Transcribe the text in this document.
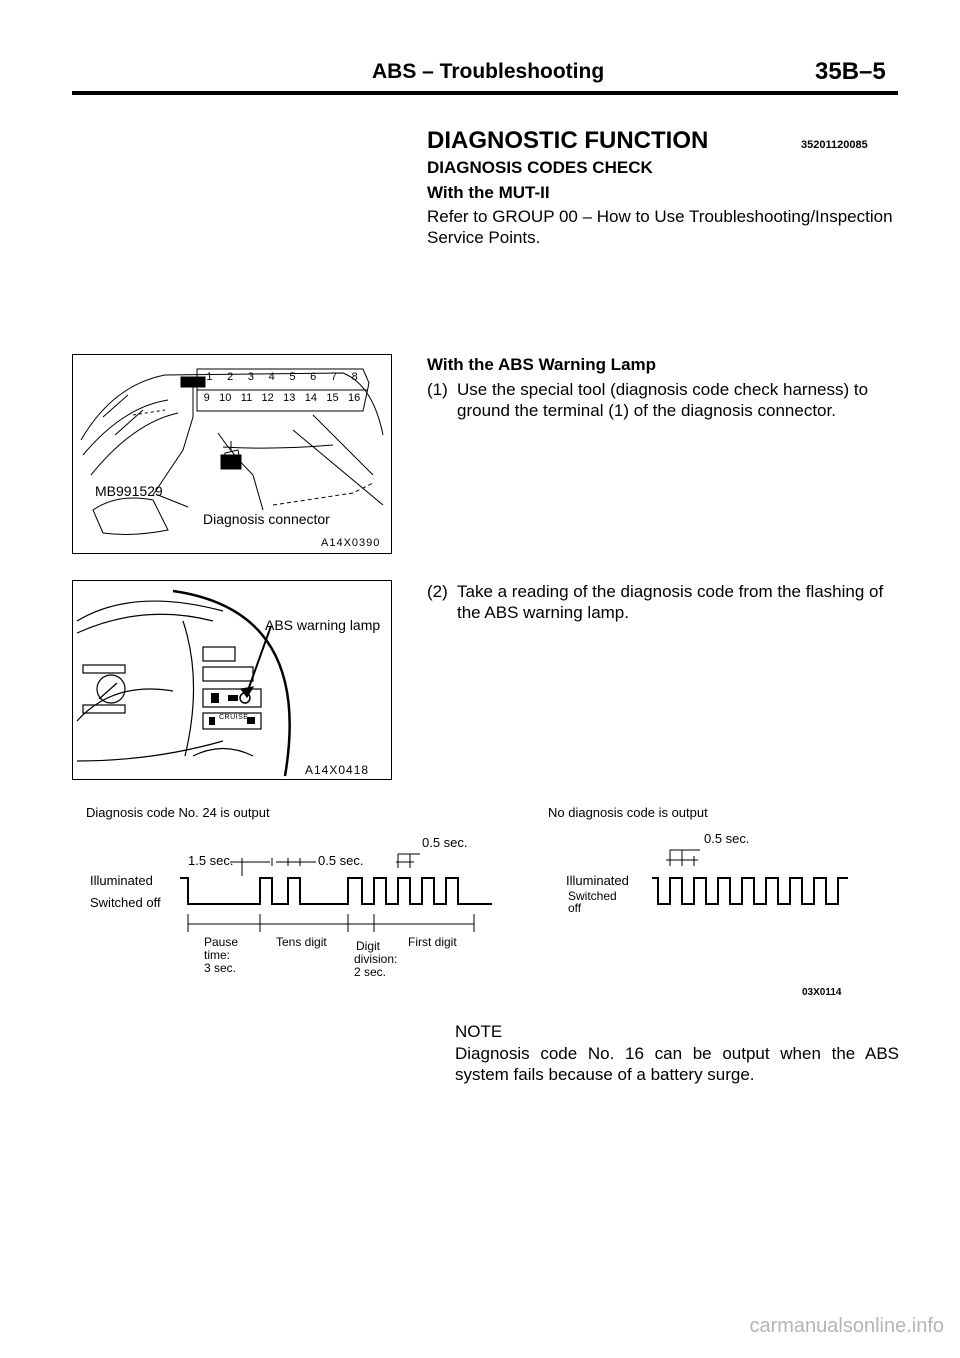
ABS – Troubleshooting	35B–5
DIAGNOSTIC FUNCTION	35201120085
DIAGNOSIS CODES CHECK
With the MUT-II
Refer to GROUP 00 – How to Use Troubleshooting/Inspection Service Points.
With the ABS Warning Lamp
(1) Use the special tool (diagnosis code check harness) to ground the terminal (1) of the diagnosis connector.
(2) Take a reading of the diagnosis code from the flashing of the ABS warning lamp.
1 2 3 4 5 6 7 8
9 10 11 12 13 14 15 16
MB991529
Diagnosis connector
A14X0390
CRUISE
ABS warning lamp
A14X0418
Diagnosis code No. 24 is output	No diagnosis code is output
0.5 sec.
1.5 sec.	0.5 sec.
Illuminated
Switched off
Pause
time:
3 sec.
Tens digit Digit
division:
2 sec.
First digit
0.5 sec.
Illuminated
Switched
off
03X0114
NOTE
Diagnosis code No. 16 can be output when the ABS system fails because of a battery surge.
carmanualsonline.info
